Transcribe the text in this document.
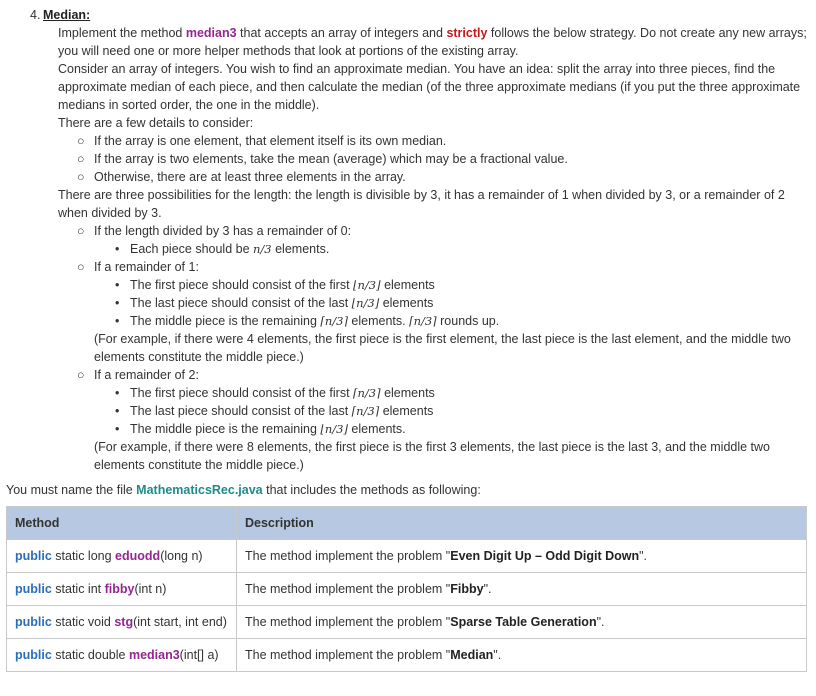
4. Median:

Implement the method median3 that accepts an array of integers and strictly follows the below strategy. Do not create any new arrays; you will need one or more helper methods that look at portions of the existing array.

Consider an array of integers. You wish to find an approximate median. You have an idea: split the array into three pieces, find the approximate median of each piece, and then calculate the median (of the three approximate medians (if you put the three approximate medians in sorted order, the one in the middle).

There are a few details to consider:

○ If the array is one element, that element itself is its own median.
○ If the array is two elements, take the mean (average) which may be a fractional value.
○ Otherwise, there are at least three elements in the array.

There are three possibilities for the length: the length is divisible by 3, it has a remainder of 1 when divided by 3, or a remainder of 2 when divided by 3.

○ If the length divided by 3 has a remainder of 0:
• Each piece should be n/3 elements.
○ If a remainder of 1:
• The first piece should consist of the first ⌊n/3⌋ elements
• The last piece should consist of the last ⌊n/3⌋ elements
• The middle piece is the remaining ⌈n/3⌉ elements. ⌈n/3⌉ rounds up.

(For example, if there were 4 elements, the first piece is the first element, the last piece is the last element, and the middle two elements constitute the middle piece.)

○ If a remainder of 2:
• The first piece should consist of the first ⌈n/3⌉ elements
• The last piece should consist of the last ⌈n/3⌉ elements
• The middle piece is the remaining ⌊n/3⌋ elements.

(For example, if there were 8 elements, the first piece is the first 3 elements, the last piece is the last 3, and the middle two elements constitute the middle piece.)

You must name the file MathematicsRec.java that includes the methods as following:

Method	Description
public static long eduodd(long n)	The method implement the problem "Even Digit Up – Odd Digit Down".
public static int fibby(int n)	The method implement the problem "Fibby".
public static void stg(int start, int end)	The method implement the problem "Sparse Table Generation".
public static double median3(int[] a)	The method implement the problem "Median".
